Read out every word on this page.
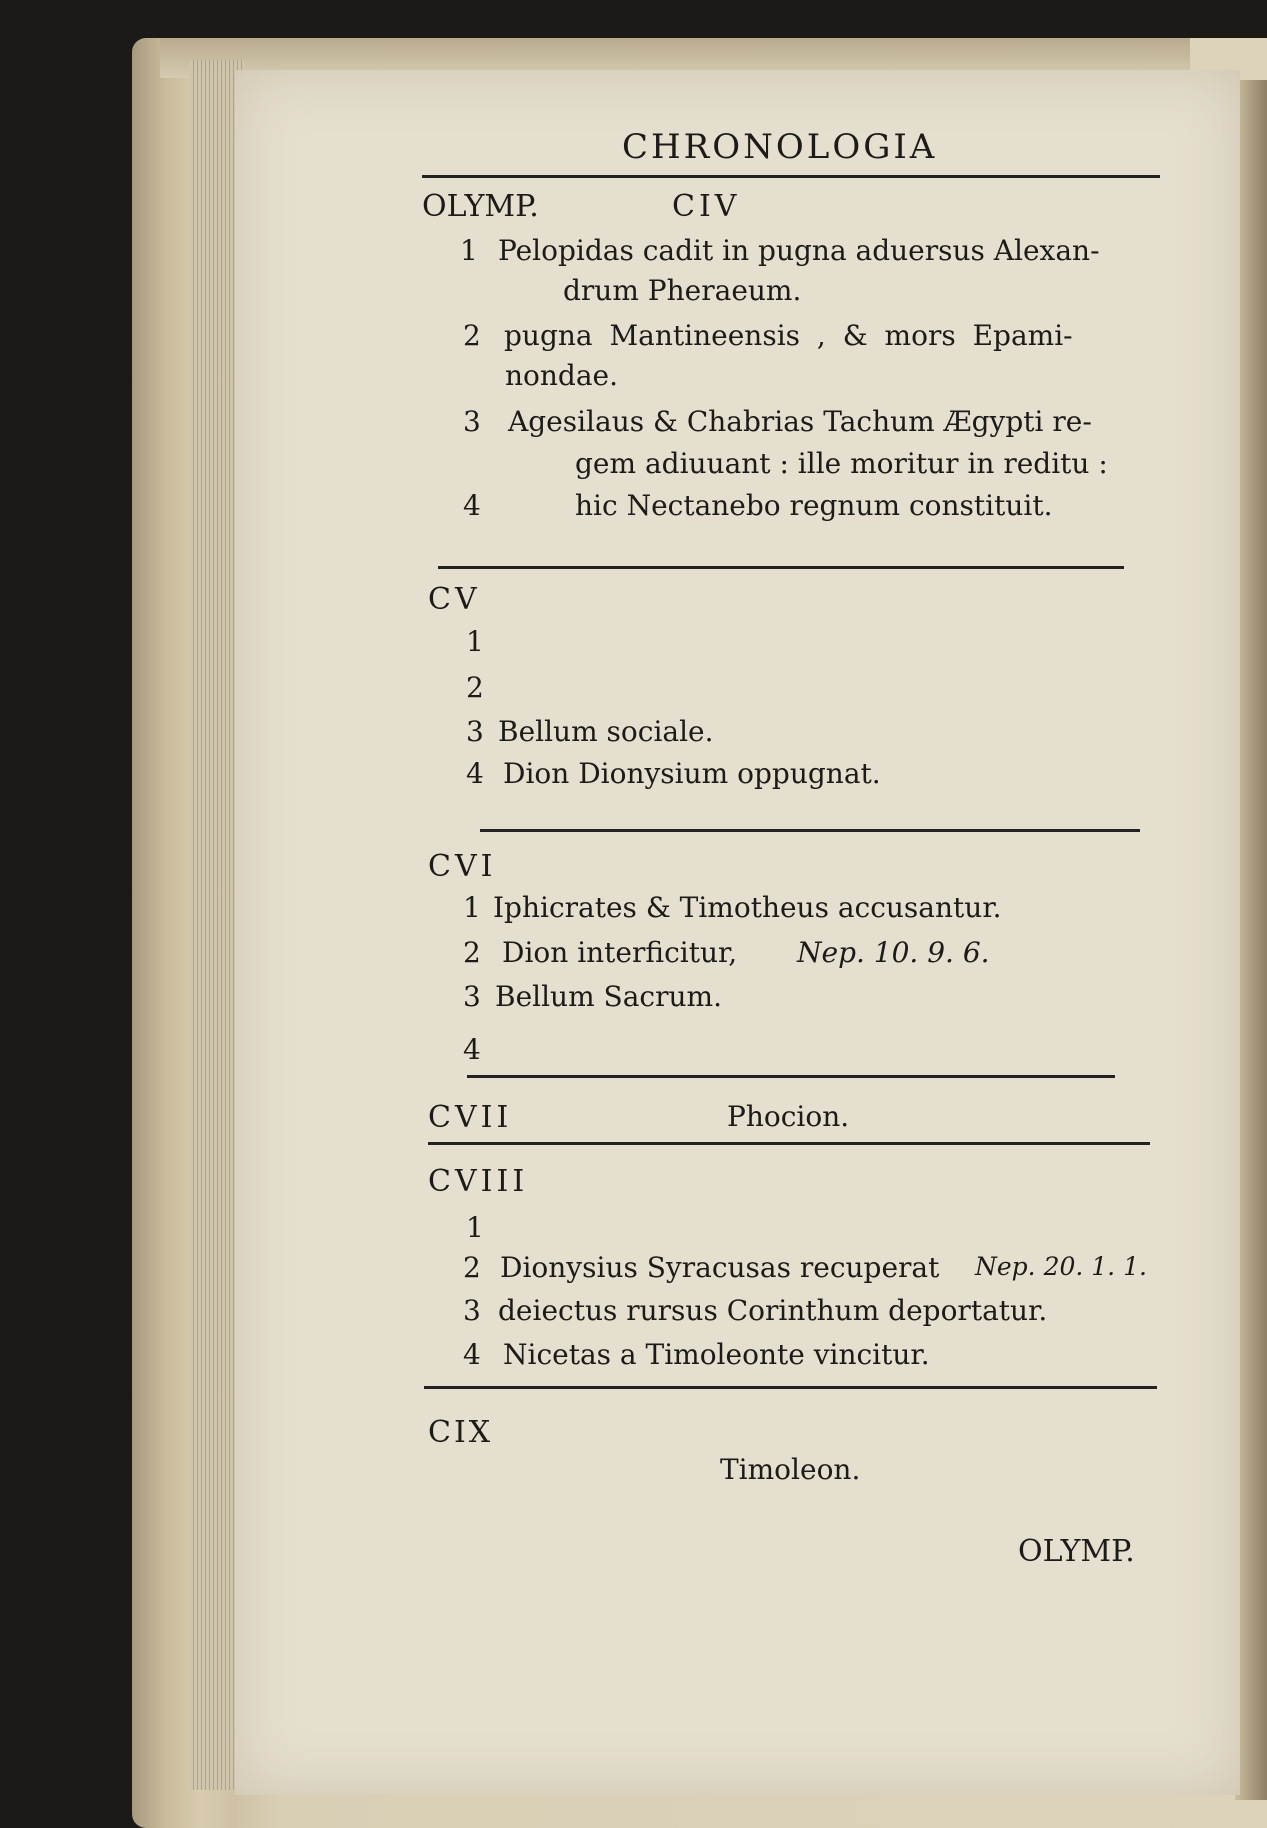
CHRONOLOGIA
OLYMP.	CIV
1 Pelopidas cadit in pugna aduersus Alexan-
drum Pheraeum.
2 pugna Mantineensis , & mors Epami-
nondae.
3 Agesilaus & Chabrias Tachum Ægypti re-
gem adiuuant : ille moritur in reditu :
4	hic Nectanebo regnum constituit.
CV
1
2
3 Bellum sociale.
4 Dion Dionysium oppugnat.
CVI
1 Iphicrates & Timotheus accusantur.
2 Dion interficitur, Nep. 10. 9. 6.
3 Bellum Sacrum.
4
CVII	Phocion.
CVIII
1
2 Dionysius Syracusas recuperat Nep. 20. 1. 1.
3 deiectus rursus Corinthum deportatur.
4 Nicetas a Timoleonte vincitur.
CIX
Timoleon.
OLYMP.
